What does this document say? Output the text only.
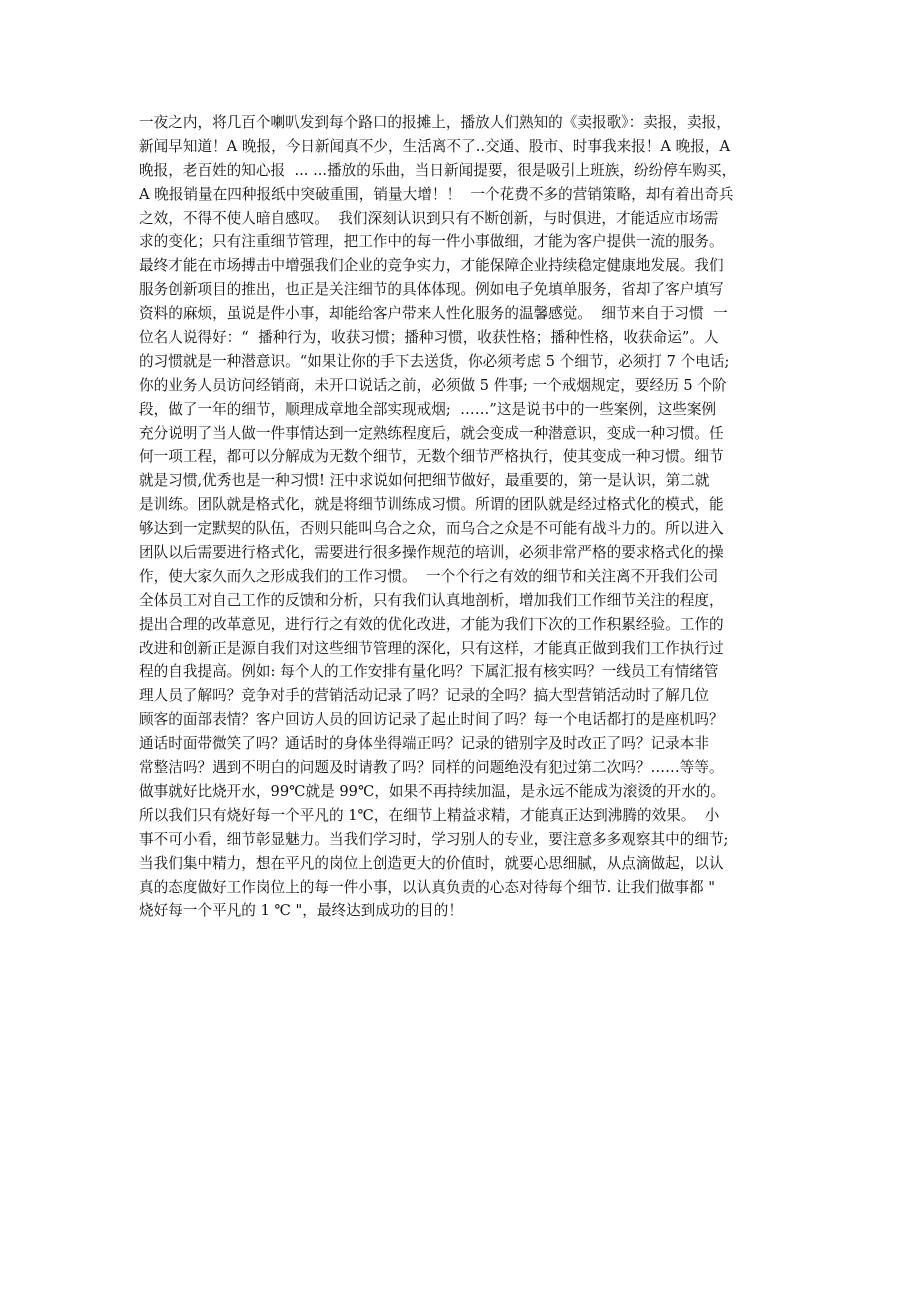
一夜之内，将几百个喇叭发到每个路口的报摊上，播放人们熟知的《卖报歌》：卖报，卖报，
新闻早知道！A 晚报，今日新闻真不少，生活离不了..交通、股市、时事我来报！A 晚报，A
晚报，老百姓的知心报  ... ...播放的乐曲，当日新闻提要，很是吸引上班族，纷纷停车购买，
A 晚报销量在四种报纸中突破重围，销量大增！！  一个花费不多的营销策略，却有着出奇兵
之效，不得不使人暗自感叹。  我们深刻认识到只有不断创新，与时俱进，才能适应市场需
求的变化；只有注重细节管理，把工作中的每一件小事做细，才能为客户提供一流的服务。
最终才能在市场搏击中增强我们企业的竞争实力，才能保障企业持续稳定健康地发展。我们
服务创新项目的推出，也正是关注细节的具体体现。例如电子免填单服务，省却了客户填写
资料的麻烦，虽说是件小事，却能给客户带来人性化服务的温馨感觉。  细节来自于习惯  一
位名人说得好：“  播种行为，收获习惯；播种习惯，收获性格；播种性格，收获命运”。人
的习惯就是一种潜意识。“如果让你的手下去送货，你必须考虑 5 个细节，必须打 7 个电话;
你的业务人员访问经销商，未开口说话之前，必须做 5 件事; 一个戒烟规定，要经历 5 个阶
段，做了一年的细节，顺理成章地全部实现戒烟;  ……”这是说书中的一些案例，这些案例
充分说明了当人做一件事情达到一定熟练程度后，就会变成一种潜意识，变成一种习惯。任
何一项工程，都可以分解成为无数个细节，无数个细节严格执行，使其变成一种习惯。细节
就是习惯,优秀也是一种习惯! 汪中求说如何把细节做好，最重要的，第一是认识，第二就
是训练。团队就是格式化，就是将细节训练成习惯。所谓的团队就是经过格式化的模式，能
够达到一定默契的队伍，否则只能叫乌合之众，而乌合之众是不可能有战斗力的。所以进入
团队以后需要进行格式化，需要进行很多操作规范的培训，必须非常严格的要求格式化的操
作，使大家久而久之形成我们的工作习惯。  一个个行之有效的细节和关注离不开我们公司
全体员工对自己工作的反馈和分析，只有我们认真地剖析，增加我们工作细节关注的程度，
提出合理的改革意见，进行行之有效的优化改进，才能为我们下次的工作积累经验。工作的
改进和创新正是源自我们对这些细节管理的深化，只有这样，才能真正做到我们工作执行过
程的自我提高。例如: 每个人的工作安排有量化吗？下属汇报有核实吗？一线员工有情绪管
理人员了解吗？竞争对手的营销活动记录了吗？记录的全吗？搞大型营销活动时了解几位
顾客的面部表情？客户回访人员的回访记录了起止时间了吗？每一个电话都打的是座机吗？
通话时面带微笑了吗？通话时的身体坐得端正吗？记录的错别字及时改正了吗？记录本非
常整洁吗？遇到不明白的问题及时请教了吗？同样的问题绝没有犯过第二次吗？……等等。
做事就好比烧开水，99℃就是 99℃，如果不再持续加温，是永远不能成为滚烫的开水的。
所以我们只有烧好每一个平凡的 1℃，在细节上精益求精，才能真正达到沸腾的效果。  小
事不可小看，细节彰显魅力。当我们学习时，学习别人的专业，要注意多多观察其中的细节;
当我们集中精力，想在平凡的岗位上创造更大的价值时，就要心思细腻，从点滴做起，以认
真的态度做好工作岗位上的每一件小事，以认真负责的心态对待每个细节. 让我们做事都 "
烧好每一个平凡的 1 ℃ "，最终达到成功的目的！
